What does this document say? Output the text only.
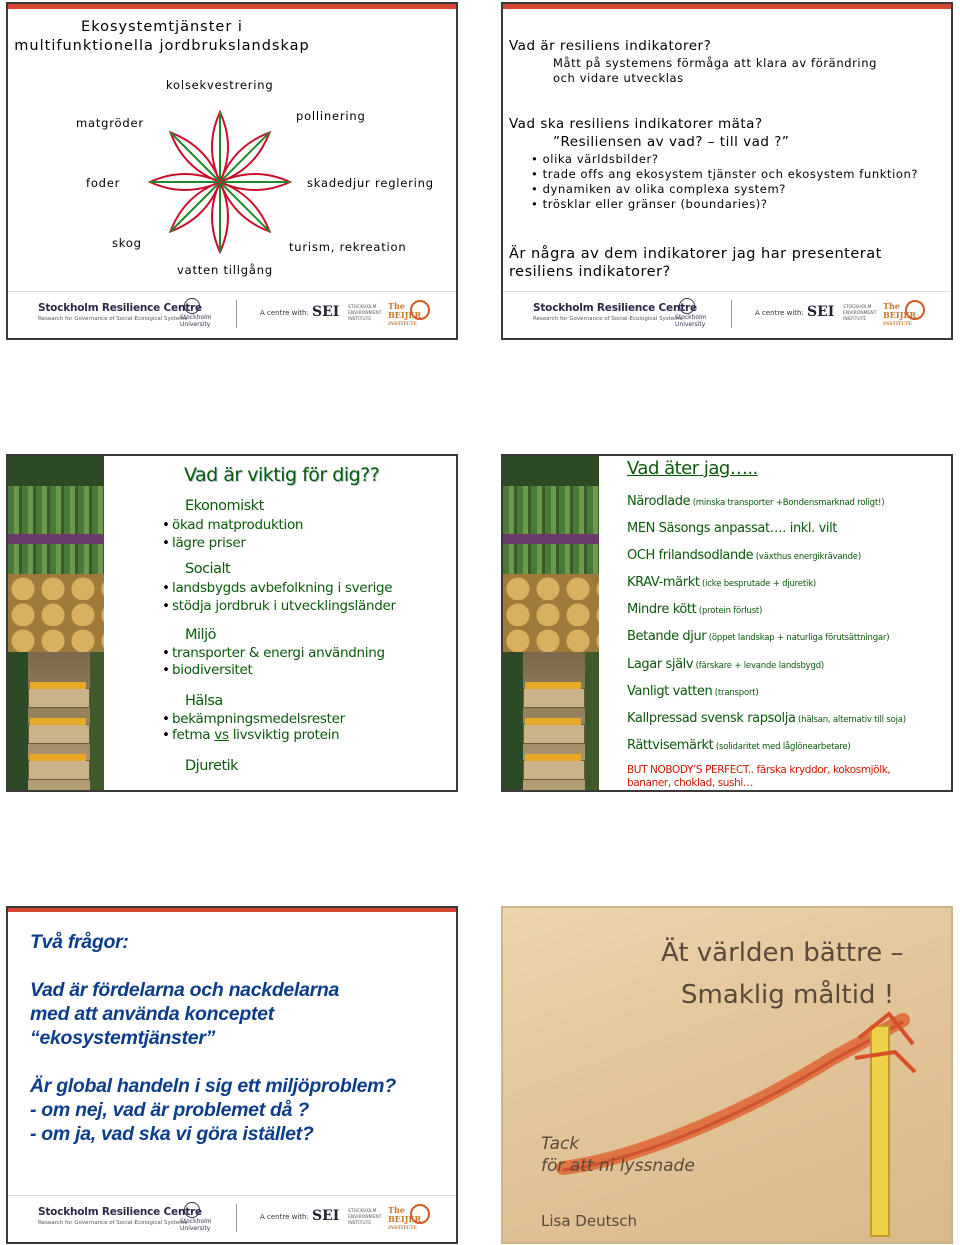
Ekosystemtjänster i
multifunktionella jordbrukslandskap
kolsekvestrering
matgröder	pollinering
foder	skadedjur reglering
skog	turism, rekreation
vatten tillgång
Stockholm Resilience Centre
Research for Governance of Social-Ecological Systems
Stockholm
University
A centre with: SEI STOCKHOLM
ENVIRONMENT
INSTITUTE
The
BEIJER
INSTITUTE
Vad är resiliens indikatorer?
Mått på systemens förmåga att klara av förändring
och vidare utvecklas
Vad ska resiliens indikatorer mäta?
”Resiliensen av vad? – till vad ?”
• olika världsbilder?
• trade offs ang ekosystem tjänster och ekosystem funktion?
• dynamiken av olika complexa system?
• trösklar eller gränser (boundaries)?
Är några av dem indikatorer jag har presenterat
resiliens indikatorer?
Stockholm Resilience Centre
Research for Governance of Social-Ecological Systems
Stockholm
University
A centre with: SEI STOCKHOLM
ENVIRONMENT
INSTITUTE
The
BEIJER
INSTITUTE
Vad är viktig för dig??
Ekonomiskt
• ökad matproduktion
• lägre priser
Socialt
• landsbygds avbefolkning i sverige
• stödja jordbruk i utvecklingsländer
Miljö
• transporter & energi användning
• biodiversitet
Hälsa
• bekämpningsmedelsrester
• fetma vs livsviktig protein
Djuretik
Vad äter jag…..
Närodlade (minska transporter +Bondensmarknad roligt!)
MEN Säsongs anpassat…. inkl. vilt
OCH frilandsodlande (växthus energikrävande)
KRAV-märkt (icke besprutade + djuretik)
Mindre kött (protein förlust)
Betande djur (öppet landskap + naturliga förutsättningar)
Lagar själv (färskare + levande landsbygd)
Vanligt vatten (transport)
Kallpressad svensk rapsolja (hälsan, alternativ till soja)
Rättvisemärkt (solidaritet med låglönearbetare)
BUT NOBODY’S PERFECT.. färska kryddor, kokosmjölk,
bananer, choklad, sushi…
Två frågor:
Vad är fördelarna och nackdelarna
med att använda konceptet
“ekosystemtjänster”
Är global handeln i sig ett miljöproblem?
- om nej, vad är problemet då ?
- om ja, vad ska vi göra istället?
Stockholm Resilience Centre
Research for Governance of Social-Ecological Systems
Stockholm
University
A centre with: SEI STOCKHOLM
ENVIRONMENT
INSTITUTE
The
BEIJER
INSTITUTE
Ät världen bättre –
Smaklig måltid !
Tack
för att ni lyssnade
Lisa Deutsch
